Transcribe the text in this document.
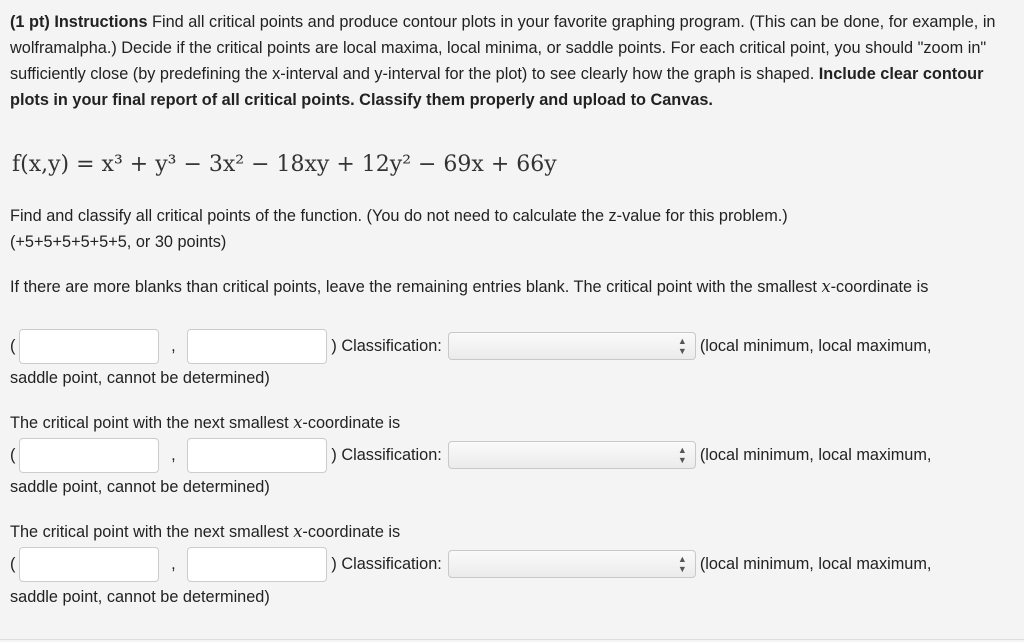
(1 pt) Instructions Find all critical points and produce contour plots in your favorite graphing program. (This can be done, for example, in wolframalpha.) Decide if the critical points are local maxima, local minima, or saddle points. For each critical point, you should "zoom in" sufficiently close (by predefining the x-interval and y-interval for the plot) to see clearly how the graph is shaped. Include clear contour plots in your final report of all critical points. Classify them properly and upload to Canvas.
f(x,y) = x³ + y³ − 3x² − 18xy + 12y² − 69x + 66y
Find and classify all critical points of the function. (You do not need to calculate the z-value for this problem.)
(+5+5+5+5+5+5, or 30 points)
If there are more blanks than critical points, leave the remaining entries blank. The critical point with the smallest x-coordinate is
(	,	) Classification:	▲
▼ (local minimum, local maximum,
saddle point, cannot be determined)
The critical point with the next smallest x-coordinate is
(	,	) Classification:	▲
▼ (local minimum, local maximum,
saddle point, cannot be determined)
The critical point with the next smallest x-coordinate is
(	,	) Classification:	▲
▼ (local minimum, local maximum,
saddle point, cannot be determined)
